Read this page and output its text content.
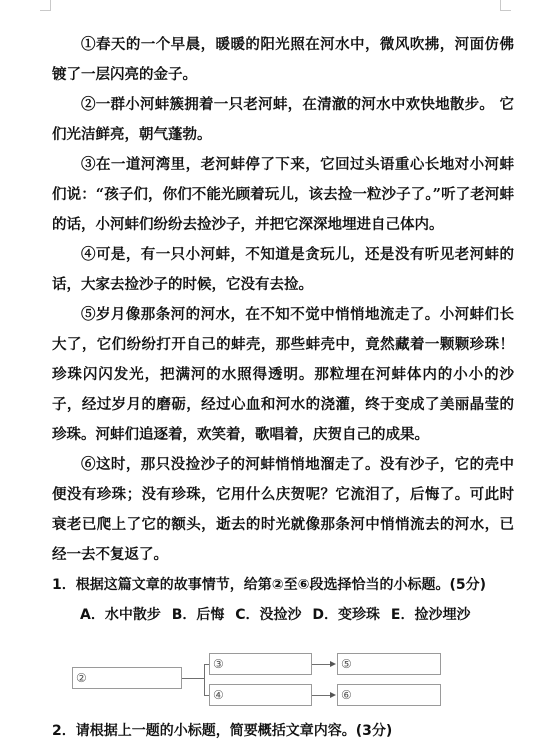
①春天的一个早晨，暖暖的阳光照在河水中，微风吹拂，河面仿佛镀了一层闪亮的金子。

②一群小河蚌簇拥着一只老河蚌，在清澈的河水中欢快地散步。 它们光洁鲜亮，朝气蓬勃。

③在一道河湾里，老河蚌停了下来，它回过头语重心长地对小河蚌们说：“孩子们，你们不能光顾着玩儿，该去捡一粒沙子了。”听了老河蚌的话，小河蚌们纷纷去捡沙子，并把它深深地埋进自己体内。

④可是，有一只小河蚌，不知道是贪玩儿，还是没有听见老河蚌的话，大家去捡沙子的时候，它没有去捡。

⑤岁月像那条河的河水，在不知不觉中悄悄地流走了。小河蚌们长大了，它们纷纷打开自己的蚌壳，那些蚌壳中，竟然藏着一颗颗珍珠！珍珠闪闪发光，把满河的水照得透明。那粒埋在河蚌体内的小小的沙子，经过岁月的磨砺，经过心血和河水的浇灌，终于变成了美丽晶莹的珍珠。河蚌们追逐着，欢笑着，歌唱着，庆贺自己的成果。

⑥这时，那只没捡沙子的河蚌悄悄地溜走了。没有沙子，它的壳中便没有珍珠；没有珍珠，它用什么庆贺呢？它流泪了，后悔了。可此时衰老已爬上了它的额头，逝去的时光就像那条河中悄悄流去的河水，已经一去不复返了。

1．根据这篇文章的故事情节，给第②至⑥段选择恰当的小标题。(5分)

A．水中散步 B．后悔 C．没捡沙 D．变珍珠 E．捡沙埋沙
②
③
④
⑤
⑥

2．请根据上一题的小标题，简要概括文章内容。(3分)
